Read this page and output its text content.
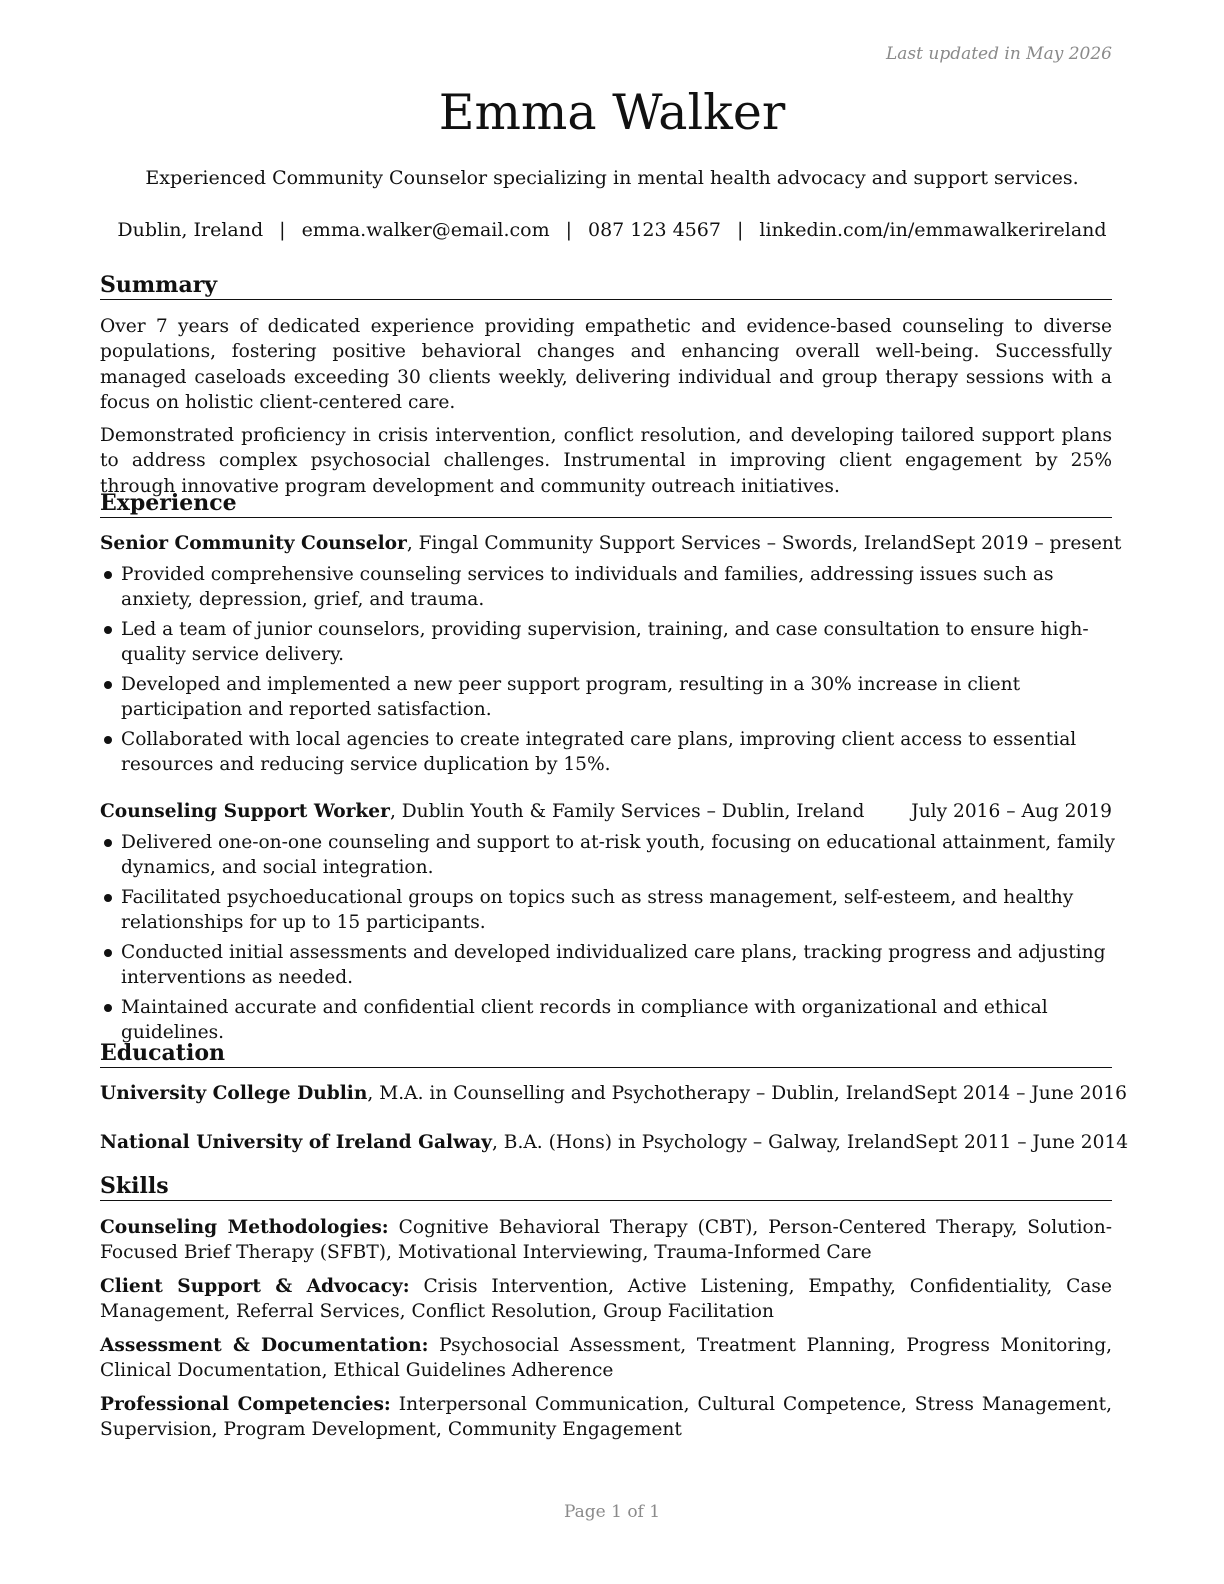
Last updated in May 2026
Emma Walker
Experienced Community Counselor specializing in mental health advocacy and support services.
Dublin, Ireland | emma.walker@email.com | 087 123 4567 | linkedin.com/in/emmawalkerireland
Summary

Over 7 years of dedicated experience providing empathetic and evidence-based counseling to diverse populations, fostering positive behavioral changes and enhancing overall well-being. Successfully managed caseloads exceeding 30 clients weekly, delivering individual and group therapy sessions with a focus on holistic client-centered care.

Demonstrated proficiency in crisis intervention, conflict resolution, and developing tailored support plans to address complex psychosocial challenges. Instrumental in improving client engagement by 25% through innovative program development and community outreach initiatives.

Experience
Senior Community Counselor, Fingal Community Support Services – Swords, Ireland Sept 2019 – present
Provided comprehensive counseling services to individuals and families, addressing issues such as anxiety, depression, grief, and trauma.
Led a team of junior counselors, providing supervision, training, and case consultation to ensure high-quality service delivery.
Developed and implemented a new peer support program, resulting in a 30% increase in client participation and reported satisfaction.
Collaborated with local agencies to create integrated care plans, improving client access to essential resources and reducing service duplication by 15%.
Counseling Support Worker, Dublin Youth & Family Services – Dublin, Ireland	July 2016 – Aug 2019
Delivered one-on-one counseling and support to at-risk youth, focusing on educational attainment, family dynamics, and social integration.
Facilitated psychoeducational groups on topics such as stress management, self-esteem, and healthy relationships for up to 15 participants.
Conducted initial assessments and developed individualized care plans, tracking progress and adjusting interventions as needed.
Maintained accurate and confidential client records in compliance with organizational and ethical guidelines.
Education
University College Dublin, M.A. in Counselling and Psychotherapy – Dublin, Ireland Sept 2014 – June 2016
National University of Ireland Galway, B.A. (Hons) in Psychology – Galway, Ireland Sept 2011 – June 2014
Skills
Counseling Methodologies: Cognitive Behavioral Therapy (CBT), Person-Centered Therapy, Solution-Focused Brief Therapy (SFBT), Motivational Interviewing, Trauma-Informed Care
Client Support & Advocacy: Crisis Intervention, Active Listening, Empathy, Confidentiality, Case Management, Referral Services, Conflict Resolution, Group Facilitation
Assessment & Documentation: Psychosocial Assessment, Treatment Planning, Progress Monitoring, Clinical Documentation, Ethical Guidelines Adherence
Professional Competencies: Interpersonal Communication, Cultural Competence, Stress Management, Supervision, Program Development, Community Engagement
Page 1 of 1
